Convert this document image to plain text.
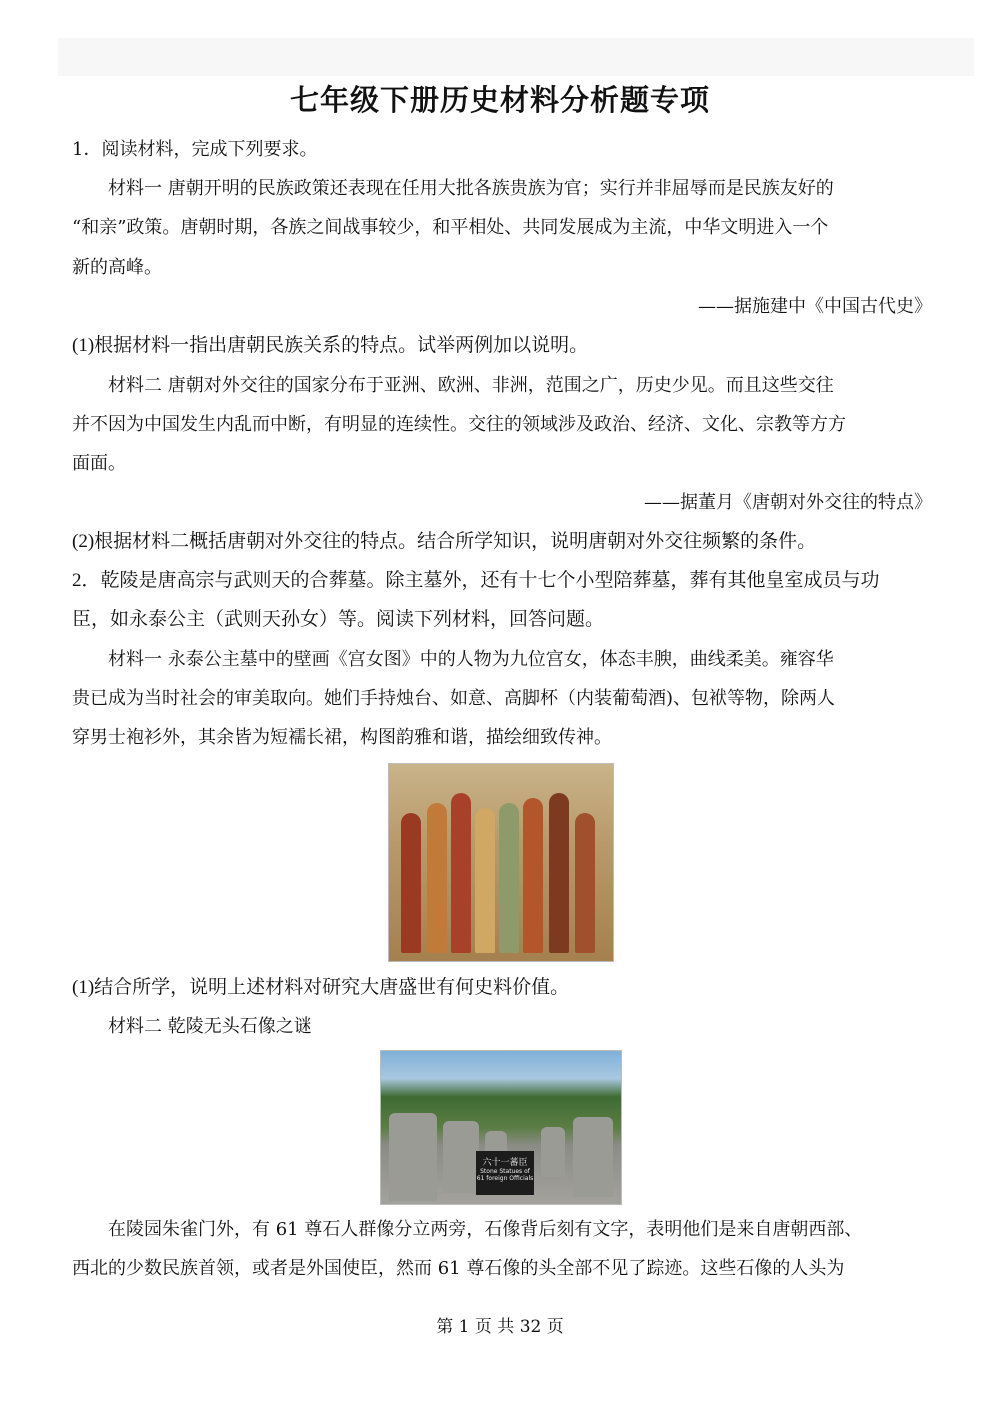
七年级下册历史材料分析题专项
1．阅读材料，完成下列要求。
材料一 唐朝开明的民族政策还表现在任用大批各族贵族为官；实行并非屈辱而是民族友好的
“和亲”政策。唐朝时期，各族之间战事较少，和平相处、共同发展成为主流，中华文明进入一个
新的高峰。
——据施建中《中国古代史》
(1)根据材料一指出唐朝民族关系的特点。试举两例加以说明。
材料二 唐朝对外交往的国家分布于亚洲、欧洲、非洲，范围之广，历史少见。而且这些交往
并不因为中国发生内乱而中断，有明显的连续性。交往的领域涉及政治、经济、文化、宗教等方方
面面。
——据董月《唐朝对外交往的特点》
(2)根据材料二概括唐朝对外交往的特点。结合所学知识，说明唐朝对外交往频繁的条件。
2．乾陵是唐高宗与武则天的合葬墓。除主墓外，还有十七个小型陪葬墓，葬有其他皇室成员与功
臣，如永泰公主（武则天孙女）等。阅读下列材料，回答问题。
材料一 永泰公主墓中的壁画《宫女图》中的人物为九位宫女，体态丰腴，曲线柔美。雍容华
贵已成为当时社会的审美取向。她们手持烛台、如意、高脚杯（内装葡萄酒)、包袱等物，除两人
穿男士袍衫外，其余皆为短襦长裙，构图韵雅和谐，描绘细致传神。
(1)结合所学，说明上述材料对研究大唐盛世有何史料价值。
材料二 乾陵无头石像之谜
六十一蕃臣
Stone Statues of
61 foreign Officials
在陵园朱雀门外，有 61 尊石人群像分立两旁，石像背后刻有文字，表明他们是来自唐朝西部、
西北的少数民族首领，或者是外国使臣，然而 61 尊石像的头全部不见了踪迹。这些石像的人头为
第 1 页 共 32 页
